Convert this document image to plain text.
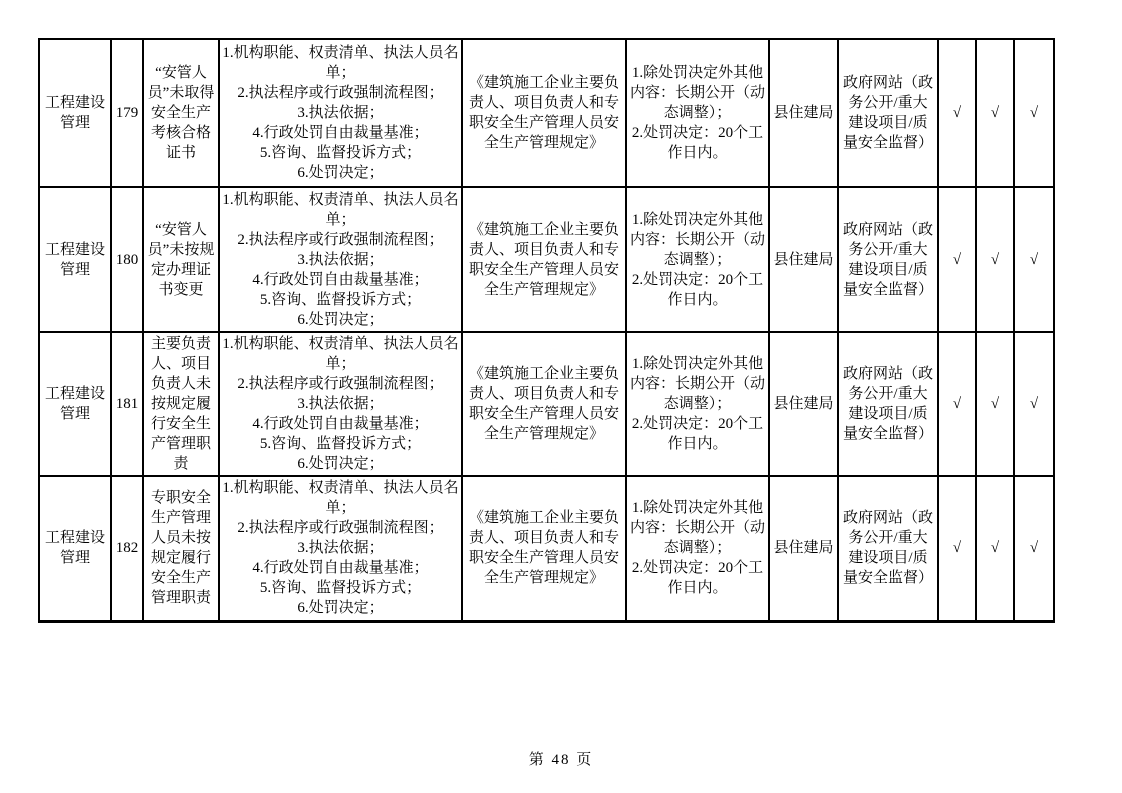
工程建设管理	179	“安管人员”未取得安全生产考核合格证书	
1.机构职能、权责清单、执法人员名单；
2.执法程序或行政强制流程图；
3.执法依据；
4.行政处罚自由裁量基准；
5.咨询、监督投诉方式；
6.处罚决定；
	《建筑施工企业主要负责人、项目负责人和专职安全生产管理人员安全生产管理规定》	
1.除处罚决定外其他内容：长期公开（动态调整）；
2.处罚决定：20个工作日内。
	县住建局	政府网站（政务公开/重大建设项目/质量安全监督）	√	√	√
工程建设管理	180	“安管人员”未按规定办理证书变更	
1.机构职能、权责清单、执法人员名单；
2.执法程序或行政强制流程图；
3.执法依据；
4.行政处罚自由裁量基准；
5.咨询、监督投诉方式；
6.处罚决定；
	《建筑施工企业主要负责人、项目负责人和专职安全生产管理人员安全生产管理规定》	
1.除处罚决定外其他内容：长期公开（动态调整）；
2.处罚决定：20个工作日内。
	县住建局	政府网站（政务公开/重大建设项目/质量安全监督）	√	√	√
工程建设管理	181	主要负责人、项目负责人未按规定履行安全生产管理职责	
1.机构职能、权责清单、执法人员名单；
2.执法程序或行政强制流程图；
3.执法依据；
4.行政处罚自由裁量基准；
5.咨询、监督投诉方式；
6.处罚决定；
	《建筑施工企业主要负责人、项目负责人和专职安全生产管理人员安全生产管理规定》	
1.除处罚决定外其他内容：长期公开（动态调整）；
2.处罚决定：20个工作日内。
	县住建局	政府网站（政务公开/重大建设项目/质量安全监督）	√	√	√
工程建设管理	182	专职安全生产管理人员未按规定履行安全生产管理职责	
1.机构职能、权责清单、执法人员名单；
2.执法程序或行政强制流程图；
3.执法依据；
4.行政处罚自由裁量基准；
5.咨询、监督投诉方式；
6.处罚决定；
	《建筑施工企业主要负责人、项目负责人和专职安全生产管理人员安全生产管理规定》	
1.除处罚决定外其他内容：长期公开（动态调整）；
2.处罚决定：20个工作日内。
	县住建局	政府网站（政务公开/重大建设项目/质量安全监督）	√	√	√
第 48 页
